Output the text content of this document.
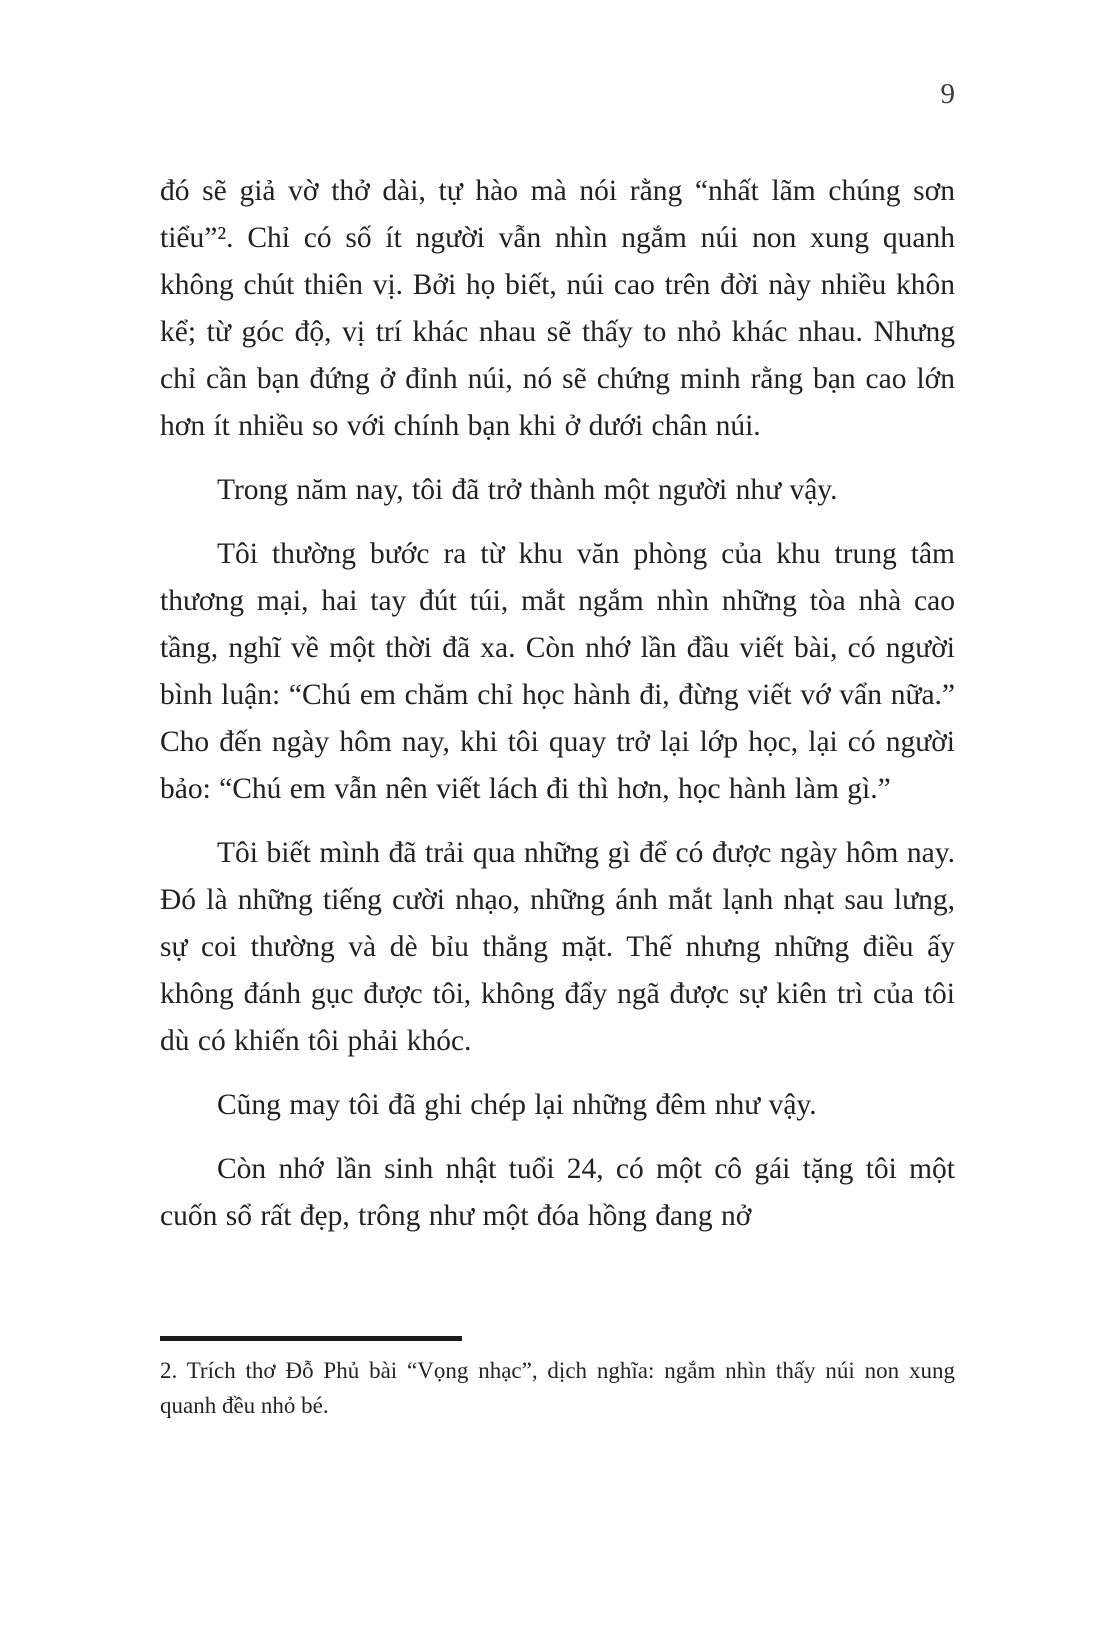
9

đó sẽ giả vờ thở dài, tự hào mà nói rằng “nhất lãm chúng sơn tiểu”². Chỉ có số ít người vẫn nhìn ngắm núi non xung quanh không chút thiên vị. Bởi họ biết, núi cao trên đời này nhiều khôn kể; từ góc độ, vị trí khác nhau sẽ thấy to nhỏ khác nhau. Nhưng chỉ cần bạn đứng ở đỉnh núi, nó sẽ chứng minh rằng bạn cao lớn hơn ít nhiều so với chính bạn khi ở dưới chân núi.

Trong năm nay, tôi đã trở thành một người như vậy.

Tôi thường bước ra từ khu văn phòng của khu trung tâm thương mại, hai tay đút túi, mắt ngắm nhìn những tòa nhà cao tầng, nghĩ về một thời đã xa. Còn nhớ lần đầu viết bài, có người bình luận: “Chú em chăm chỉ học hành đi, đừng viết vớ vẩn nữa.” Cho đến ngày hôm nay, khi tôi quay trở lại lớp học, lại có người bảo: “Chú em vẫn nên viết lách đi thì hơn, học hành làm gì.”

Tôi biết mình đã trải qua những gì để có được ngày hôm nay. Đó là những tiếng cười nhạo, những ánh mắt lạnh nhạt sau lưng, sự coi thường và dè bỉu thẳng mặt. Thế nhưng những điều ấy không đánh gục được tôi, không đẩy ngã được sự kiên trì của tôi dù có khiến tôi phải khóc.

Cũng may tôi đã ghi chép lại những đêm như vậy.

Còn nhớ lần sinh nhật tuổi 24, có một cô gái tặng tôi một cuốn sổ rất đẹp, trông như một đóa hồng đang nở

2. Trích thơ Đỗ Phủ bài “Vọng nhạc”, dịch nghĩa: ngắm nhìn thấy núi non xung quanh đều nhỏ bé.
